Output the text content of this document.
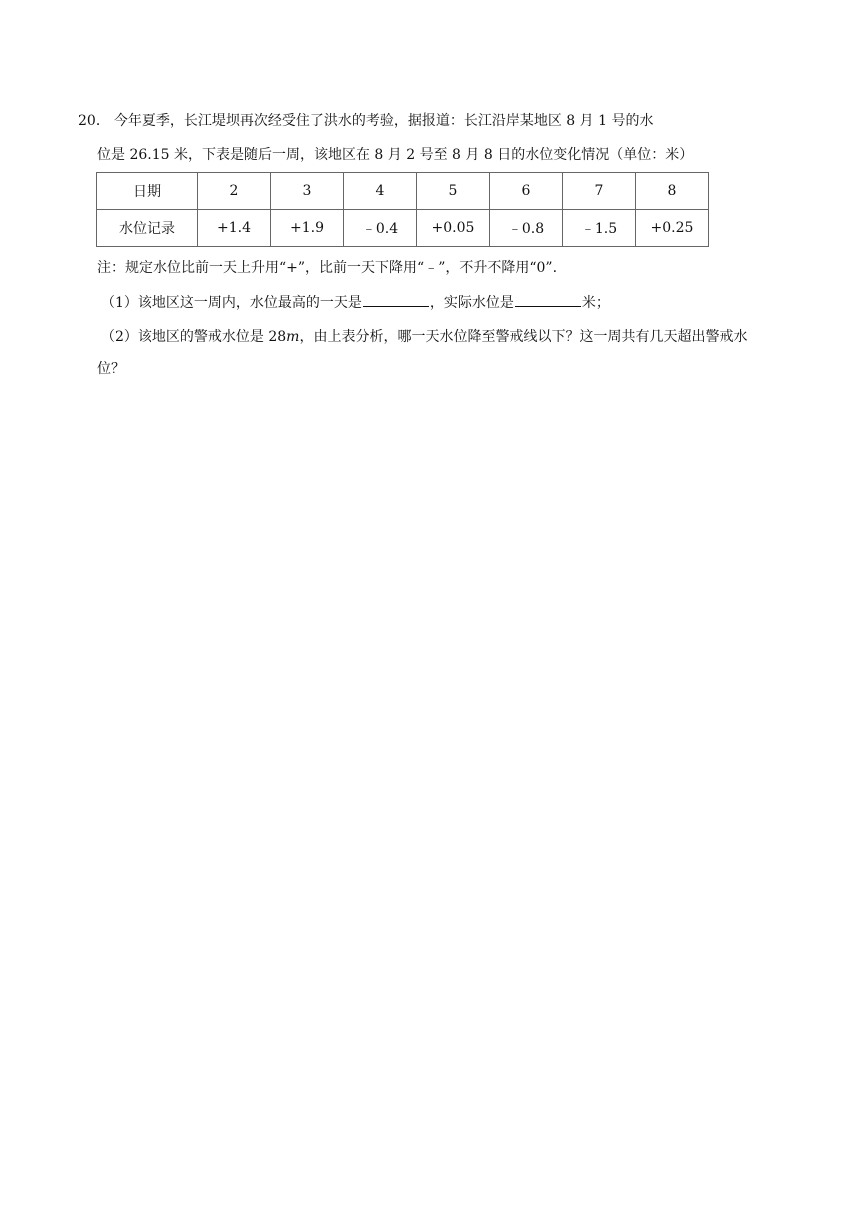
20． 今年夏季，长江堤坝再次经受住了洪水的考验，据报道：长江沿岸某地区 8 月 1 号的水
位是 26.15 米，下表是随后一周，该地区在 8 月 2 号至 8 月 8 日的水位变化情况（单位：米）
日期	2	3	4	5	6	7	8
水位记录	+1.4	+1.9	﹣0.4	+0.05	﹣0.8	﹣1.5	+0.25
注：规定水位比前一天上升用“+”，比前一天下降用“﹣”，不升不降用“0”.
（1）该地区这一周内，水位最高的一天是	，实际水位是	米；
（2）该地区的警戒水位是 28m，由上表分析，哪一天水位降至警戒线以下？这一周共有几天超出警戒水
位？
